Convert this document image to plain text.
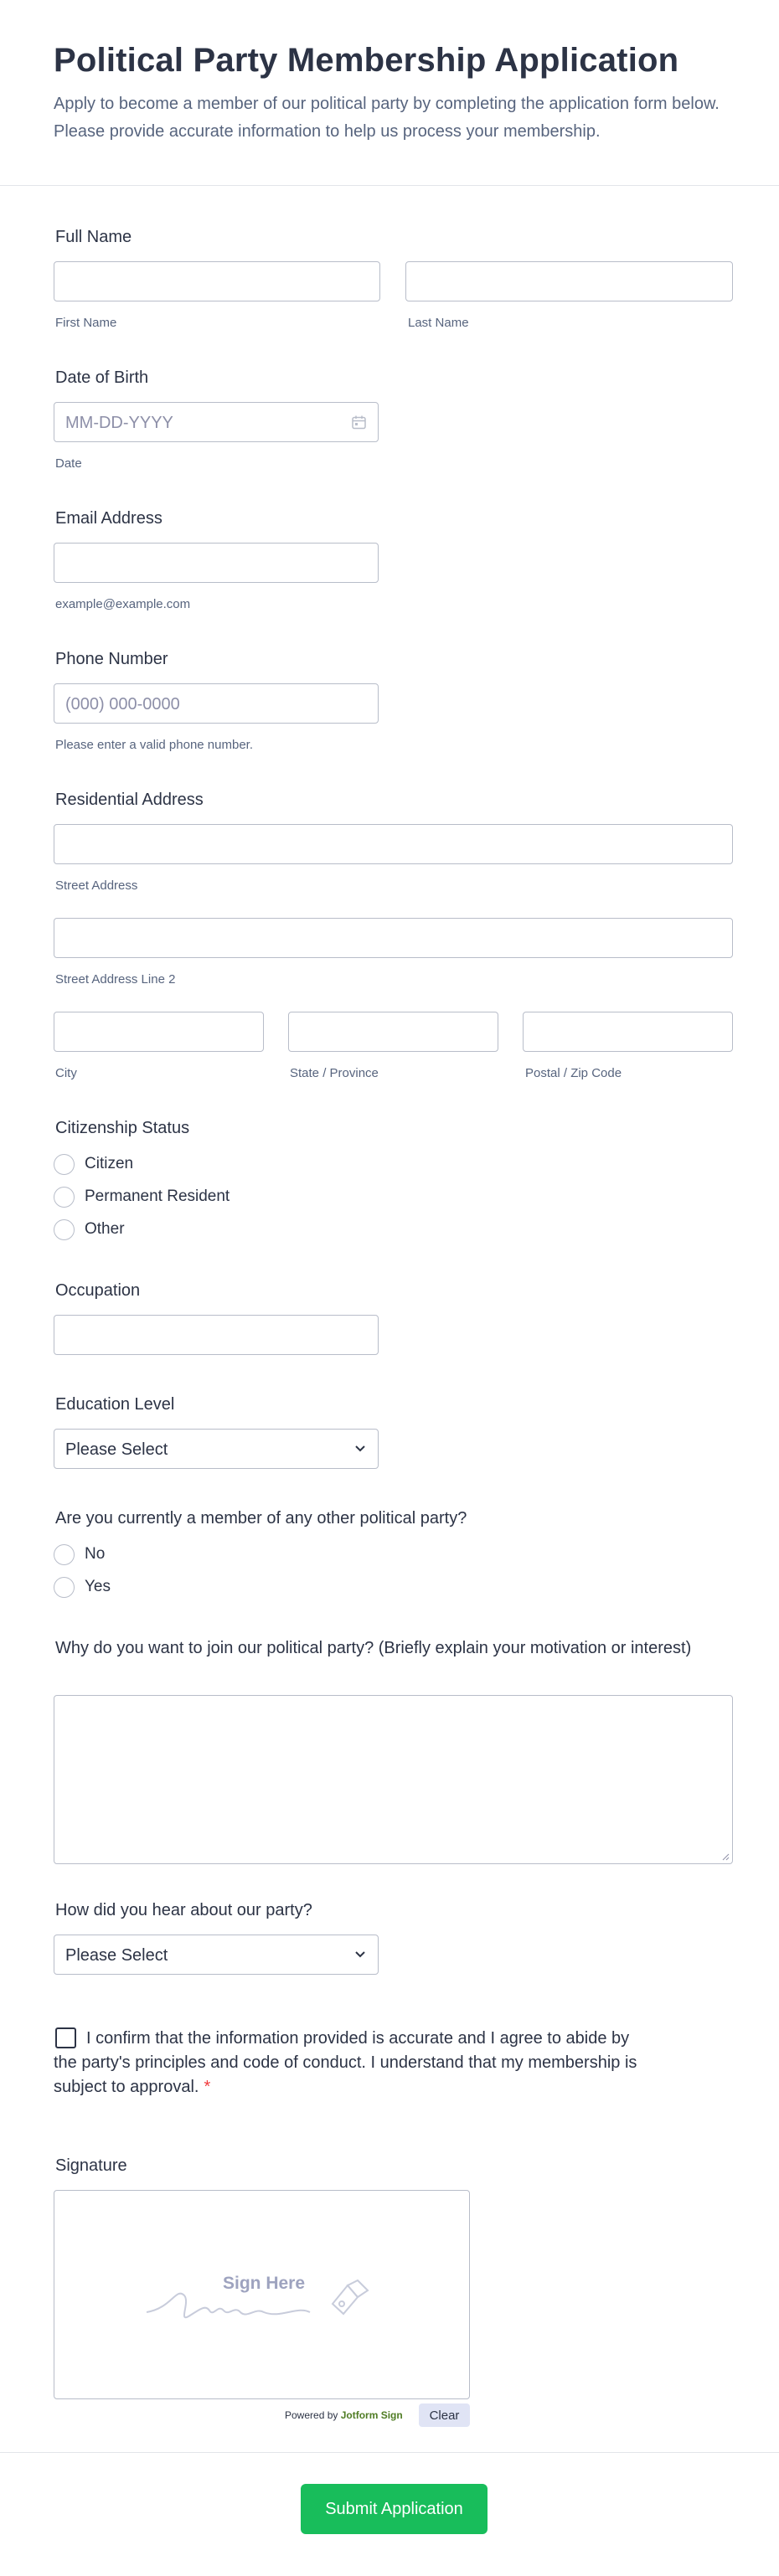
Political Party Membership Application

Apply to become a member of our political party by completing the application form below. Please provide accurate information to help us process your membership.

Full Name
First Name	Last Name
Date of Birth
MM-DD-YYYY
Date
Email Address
example@example.com
Phone Number
(000) 000-0000
Please enter a valid phone number.
Residential Address
Street Address
Street Address Line 2
City	State / Province	Postal / Zip Code
Citizenship Status
Citizen
Permanent Resident
Other
Occupation
Education Level
Please Select
Are you currently a member of any other political party?
No
Yes
Why do you want to join our political party? (Briefly explain your motivation or interest)
How did you hear about our party?
Please Select

I confirm that the information provided is accurate and I agree to abide by the party's principles and code of conduct. I understand that my membership is subject to approval. *

Signature
Sign Here
Powered by Jotform Sign	Clear
Submit Application
